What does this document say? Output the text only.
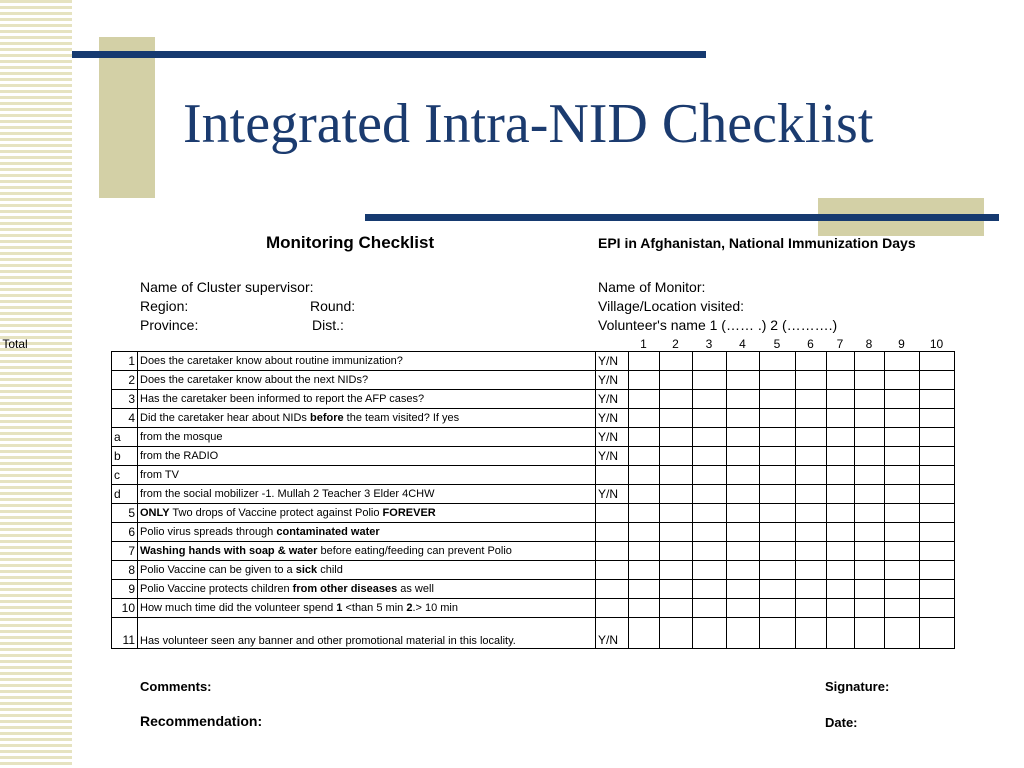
Integrated Intra-NID Checklist
Monitoring Checklist	EPI in Afghanistan, National Immunization Days
Name of Cluster supervisor:
Region:	Round:
Province:	Dist.:
Name of Monitor:
Village/Location visited:
Volunteer's name 1 (…… .) 2 (……….)
1	2	3	4	5	6	7	8	9	10
Total
1	Does the caretaker know about routine immunization?	Y/N											
2	Does the caretaker know about the next NIDs?	Y/N											
3	Has the caretaker been informed to report the AFP cases?	Y/N											
4	Did the caretaker hear about NIDs before the team visited? If yes	Y/N											
a	from the mosque	Y/N											
b	from the RADIO	Y/N											
c	from TV												
d	from the social mobilizer -1. Mullah 2 Teacher 3 Elder 4CHW	Y/N											
5	ONLY Two drops of Vaccine protect against Polio FOREVER												
6	Polio virus spreads through contaminated water												
7	Washing hands with soap & water before eating/feeding can prevent Polio												
8	Polio Vaccine can be given to a sick child												
9	Polio Vaccine protects children from other diseases as well												
10	How much time did the volunteer spend 1 <than 5 min 2.> 10 min												
11	Has volunteer seen any banner and other promotional material in this locality.	Y/N											
Comments:
Recommendation:
Signature:
Date:
